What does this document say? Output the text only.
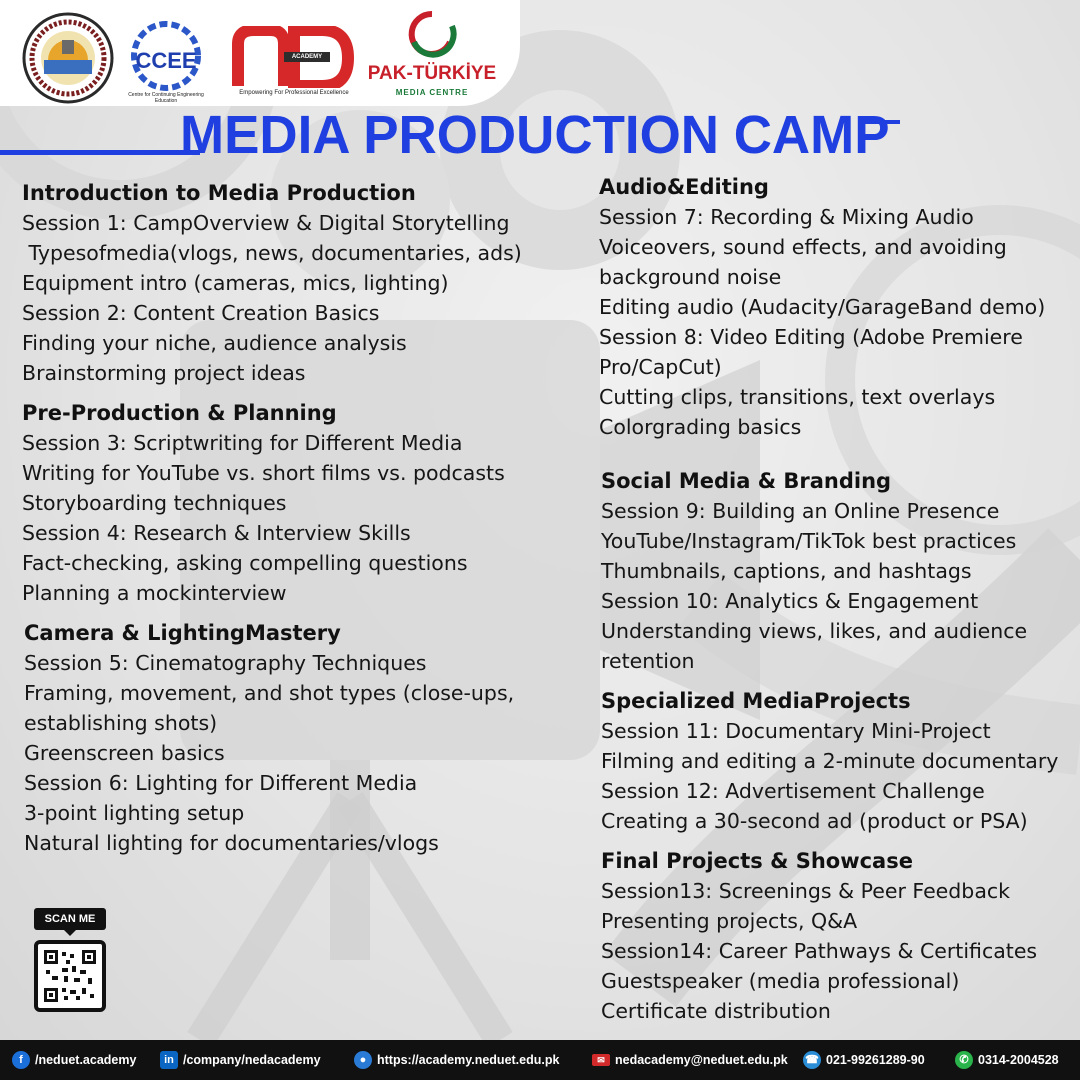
CCEE
Centre for Continuing Engineering Education
ACADEMY
Empowering For Professional Excellence
PAK-TÜRKİYE
MEDIA CENTRE
MEDIA PRODUCTION CAMP
Introduction to Media Production

Session 1: CampOverview & Digital Storytelling

Typesofmedia(vlogs, news, documentaries, ads)

Equipment intro (cameras, mics, lighting)

Session 2: Content Creation Basics

Finding your niche, audience analysis

Brainstorming project ideas

Pre-Production & Planning

Session 3: Scriptwriting for Different Media

Writing for YouTube vs. short films vs. podcasts

Storyboarding techniques

Session 4: Research & Interview Skills

Fact-checking, asking compelling questions

Planning a mockinterview

Camera & LightingMastery

Session 5: Cinematography Techniques

Framing, movement, and shot types (close-ups,

establishing shots)

Greenscreen basics

Session 6: Lighting for Different Media

3-point lighting setup

Natural lighting for documentaries/vlogs

Audio&Editing

Session 7: Recording & Mixing Audio

Voiceovers, sound effects, and avoiding

background noise

Editing audio (Audacity/GarageBand demo)

Session 8: Video Editing (Adobe Premiere

Pro/CapCut)

Cutting clips, transitions, text overlays

Colorgrading basics

Social Media & Branding

Session 9: Building an Online Presence

YouTube/Instagram/TikTok best practices

Thumbnails, captions, and hashtags

Session 10: Analytics & Engagement

Understanding views, likes, and audience

retention

Specialized MediaProjects

Session 11: Documentary Mini-Project

Filming and editing a 2-minute documentary

Session 12: Advertisement Challenge

Creating a 30-second ad (product or PSA)

Final Projects & Showcase

Session13: Screenings & Peer Feedback

Presenting projects, Q&A

Session14: Career Pathways & Certificates

Guestspeaker (media professional)

Certificate distribution

SCAN ME
f /neduet.academy	in /company/nedacademy	● https://academy.neduet.edu.pk	✉ nedacademy@neduet.edu.pk ☎ 021-99261289-90	✆ 0314-2004528
